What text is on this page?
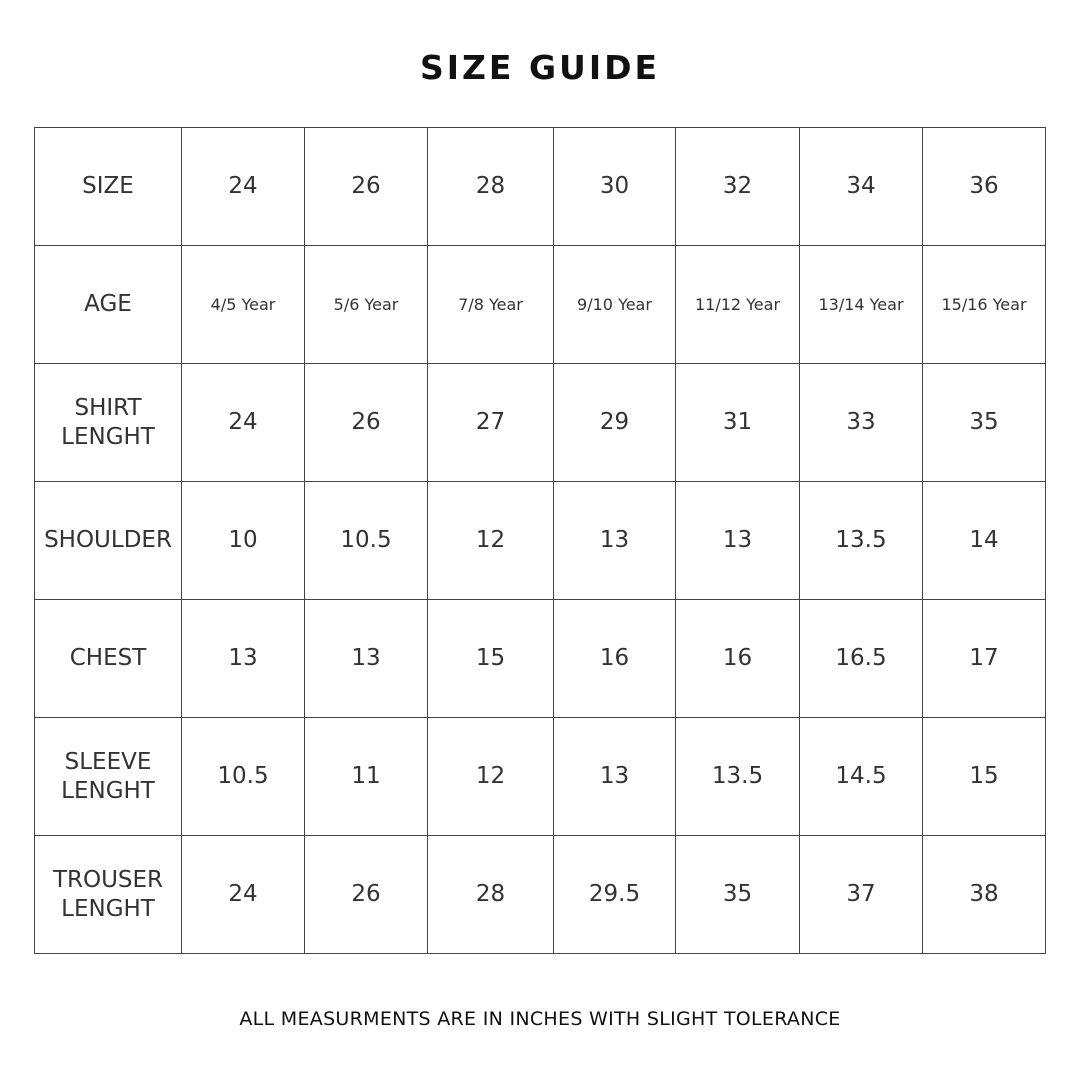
SIZE GUIDE
SIZE	24	26	28	30	32	34	36
AGE	4/5 Year	5/6 Year	7/8 Year	9/10 Year	11/12 Year	13/14 Year	15/16 Year
SHIRT
LENGHT	24	26	27	29	31	33	35
SHOULDER	10	10.5	12	13	13	13.5	14
CHEST	13	13	15	16	16	16.5	17
SLEEVE
LENGHT	10.5	11	12	13	13.5	14.5	15
TROUSER
LENGHT	24	26	28	29.5	35	37	38
ALL MEASURMENTS ARE IN INCHES WITH SLIGHT TOLERANCE
